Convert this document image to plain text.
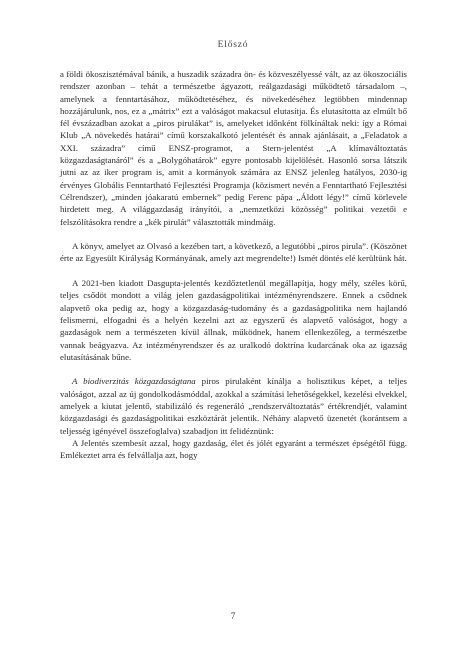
Előszó

a földi ökoszisztémával bánik, a huszadik századra ön- és közveszélyessé vált, az az ökoszociális rendszer azonban – tehát a természetbe ágyazott, reálgazdasági működtető társadalom –, amelynek a fenntartásához, működtetéséhez, és növekedéséhez legtöbben mindennap hozzájárulunk, nos, ez a „mátrix” ezt a valóságot makacsul elutasítja. És elutasította az elmúlt bő fél évszázadban azokat a „piros pirulákat” is, amelyeket időnként fölkínáltak neki: így a Római Klub „A növekedés határai” című korszakalkotó jelentését és annak ajánlásait, a „Feladatok a XXI. századra” című ENSZ-programot, a Stern-jelentést „A klímaváltoztatás közgazdaságtanáról” és a „Bolygóhatárok” egyre pontosabb kijelölését. Hasonló sorsa látszik jutni az az iker program is, amit a kormányok számára az ENSZ jelenleg hatályos, 2030-ig érvényes Globális Fenntartható Fejlesztési Programja (közismert nevén a Fenntartható Fejlesztési Célrendszer), „minden jóakaratú embernek” pedig Ferenc pápa „Áldott légy!” című körlevele hirdetett meg. A világgazdaság irányítói, a „nemzetközi közösség” politikai vezetői e felszólításokra rendre a „kék pirulát” választották mindmáig.

A könyv, amelyet az Olvasó a kezében tart, a következő, a legutóbbi „piros pirula”. (Köszönet érte az Egyesült Királyság Kormányának, amely azt megrendelte!) Ismét döntés elé kerültünk hát.

A 2021-ben kiadott Dasgupta-jelentés kezdőztetlenül megállapítja, hogy mély, széles körű, teljes csődöt mondott a világ jelen gazdaságpolitikai intézményrendszere. Ennek a csődnek alapvető oka pedig az, hogy a közgazdaság-tudomány és a gazdaságpolitika nem hajlandó felismerni, elfogadni és a helyén kezelni azt az egyszerű és alapvető valóságot, hogy a gazdaságok nem a természeten kívül állnak, működnek, hanem ellenkezőleg, a természetbe vannak beágyazva. Az intézményrendszer és az uralkodó doktrína kudarcának oka az igazság elutasításának bűne.

A biodiverzitás közgazdaságtana piros pirulaként kínálja a holisztikus képet, a teljes valóságot, azzal az új gondolkodásmóddal, azokkal a számítási lehetőségekkel, kezelési elvekkel, amelyek a kiutat jelentő, stabilizáló és regeneráló „rendszerváltoztatás” értékrendjét, valamint közgazdasági és gazdaságpolitikai eszköztárát jelentik. Néhány alapvető üzenetét (korántsem a teljesség igényével összefoglalva) szabadjon itt felidéznünk:

A Jelentés szembesít azzal, hogy gazdaság, élet és jólét egyaránt a természet épségétől függ. Emlékeztet arra és felvállalja azt, hogy

7
